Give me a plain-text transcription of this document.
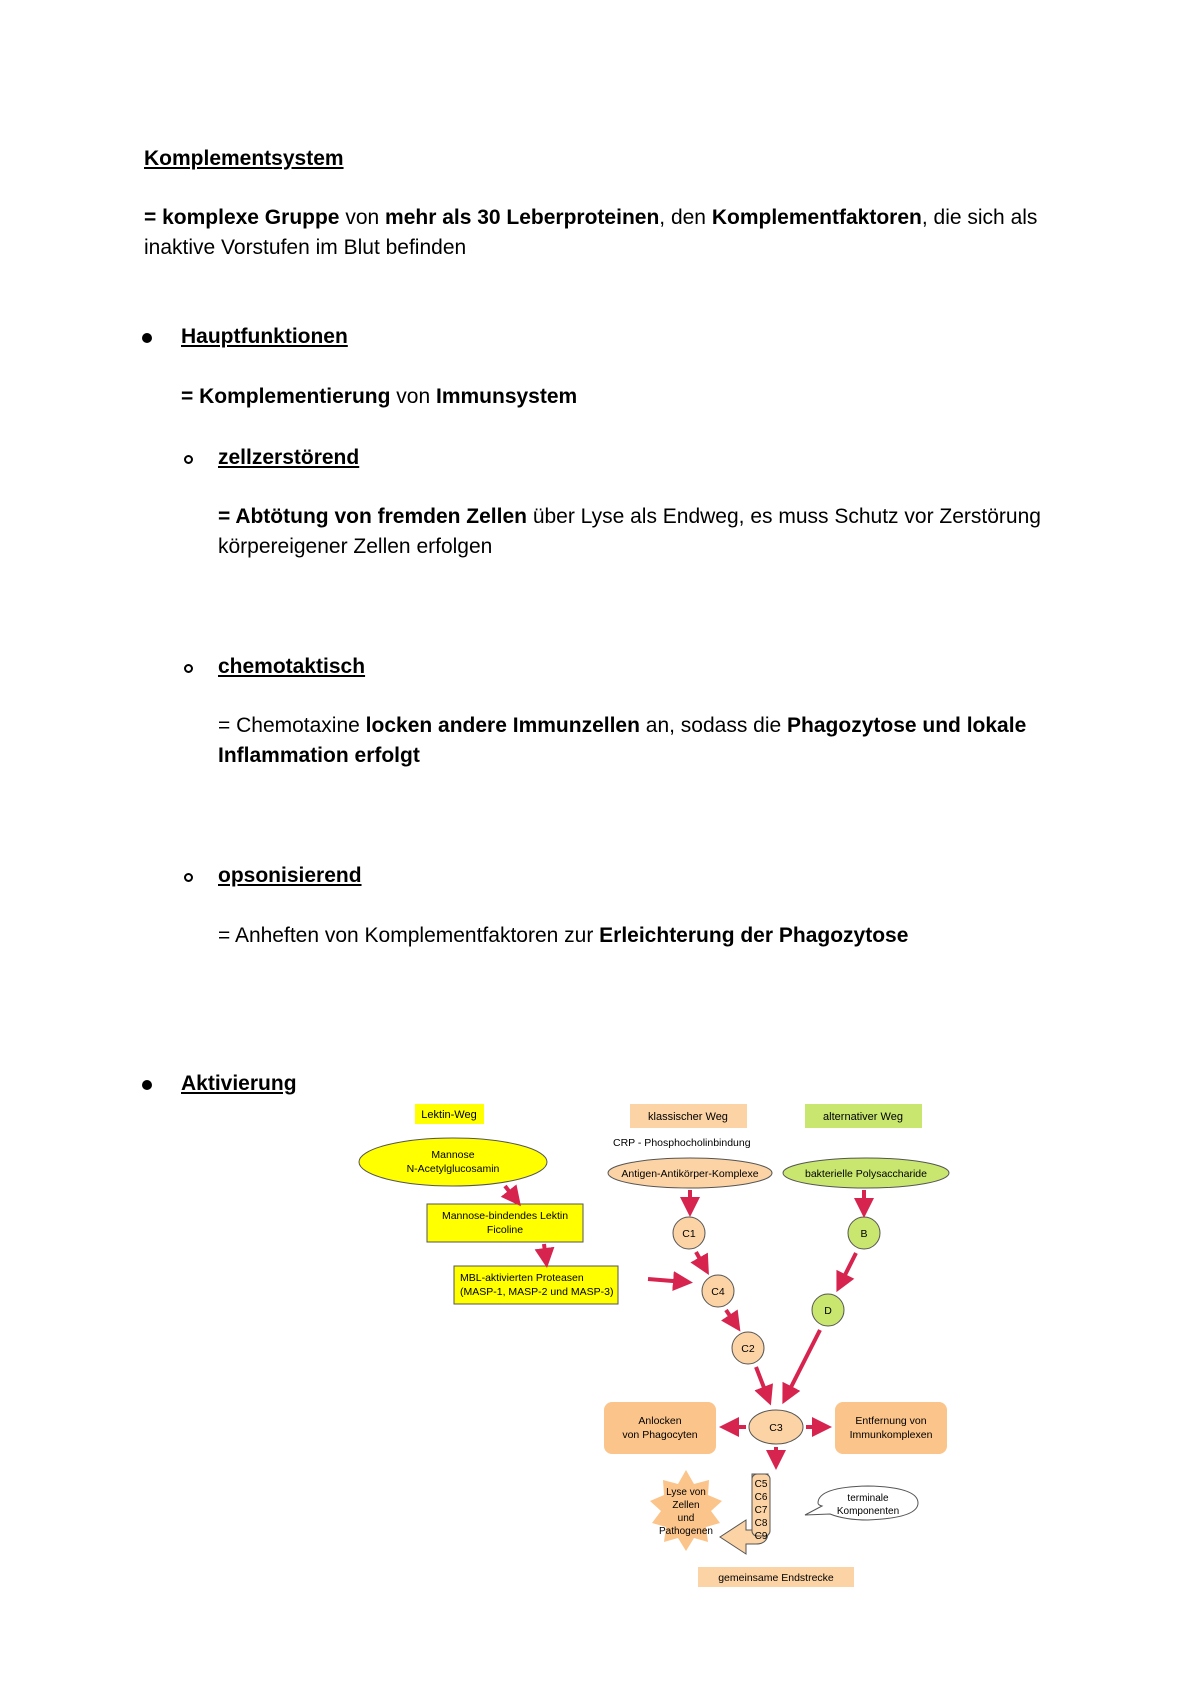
Komplementsystem
= komplexe Gruppe von mehr als 30 Leberproteinen, den Komplementfaktoren, die sich als
inaktive Vorstufen im Blut befinden
Hauptfunktionen
= Komplementierung von Immunsystem
zellzerstörend
= Abtötung von fremden Zellen über Lyse als Endweg, es muss Schutz vor Zerstörung
körpereigener Zellen erfolgen
chemotaktisch
= Chemotaxine locken andere Immunzellen an, sodass die Phagozytose und lokale
Inflammation erfolgt
opsonisierend
= Anheften von Komplementfaktoren zur Erleichterung der Phagozytose
Aktivierung
Lektin-Weg	klassischer Weg	alternativer Weg
CRP - Phosphocholinbindung
Mannose
N-Acetylglucosamin	Antigen-Antikörper-Komplexe	bakterielle Polysaccharide
Mannose-bindendes Lektin
Ficoline
MBL-aktivierten Proteasen
(MASP-1, MASP-2 und MASP-3)
C1
C4
C2
B
D
C3
Anlocken
von Phagocyten
Entfernung von
Immunkomplexen
C5
C6
C7
C8
C9
terminale
Komponenten
Lyse von
Zellen
und
Pathogenen
gemeinsame Endstrecke
